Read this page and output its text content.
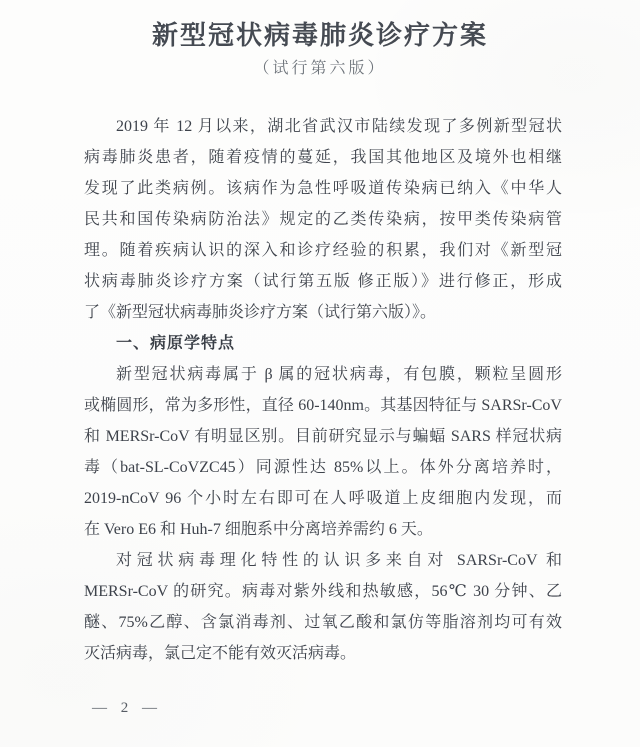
新型冠状病毒肺炎诊疗方案
（试行第六版）
2019 年 12 月以来，湖北省武汉市陆续发现了多例新型冠状
病毒肺炎患者，随着疫情的蔓延，我国其他地区及境外也相继
发现了此类病例。该病作为急性呼吸道传染病已纳入《中华人
民共和国传染病防治法》规定的乙类传染病，按甲类传染病管
理。随着疾病认识的深入和诊疗经验的积累，我们对《新型冠
状病毒肺炎诊疗方案（试行第五版 修正版）》进行修正，形成
了《新型冠状病毒肺炎诊疗方案（试行第六版）》。
一、病原学特点
新型冠状病毒属于 β 属的冠状病毒，有包膜，颗粒呈圆形
或椭圆形，常为多形性，直径 60-140nm。其基因特征与 SARSr-CoV
和 MERSr-CoV 有明显区别。目前研究显示与蝙蝠 SARS 样冠状病
毒（bat-SL-CoVZC45）同源性达 85%以上。体外分离培养时，
2019-nCoV 96 个小时左右即可在人呼吸道上皮细胞内发现，而
在 Vero E6 和 Huh-7 细胞系中分离培养需约 6 天。
对冠状病毒理化特性的认识多来自对 SARSr-CoV 和
MERSr-CoV 的研究。病毒对紫外线和热敏感，56℃ 30 分钟、乙
醚、75%乙醇、含氯消毒剂、过氧乙酸和氯仿等脂溶剂均可有效
灭活病毒，氯己定不能有效灭活病毒。
— 2 —
